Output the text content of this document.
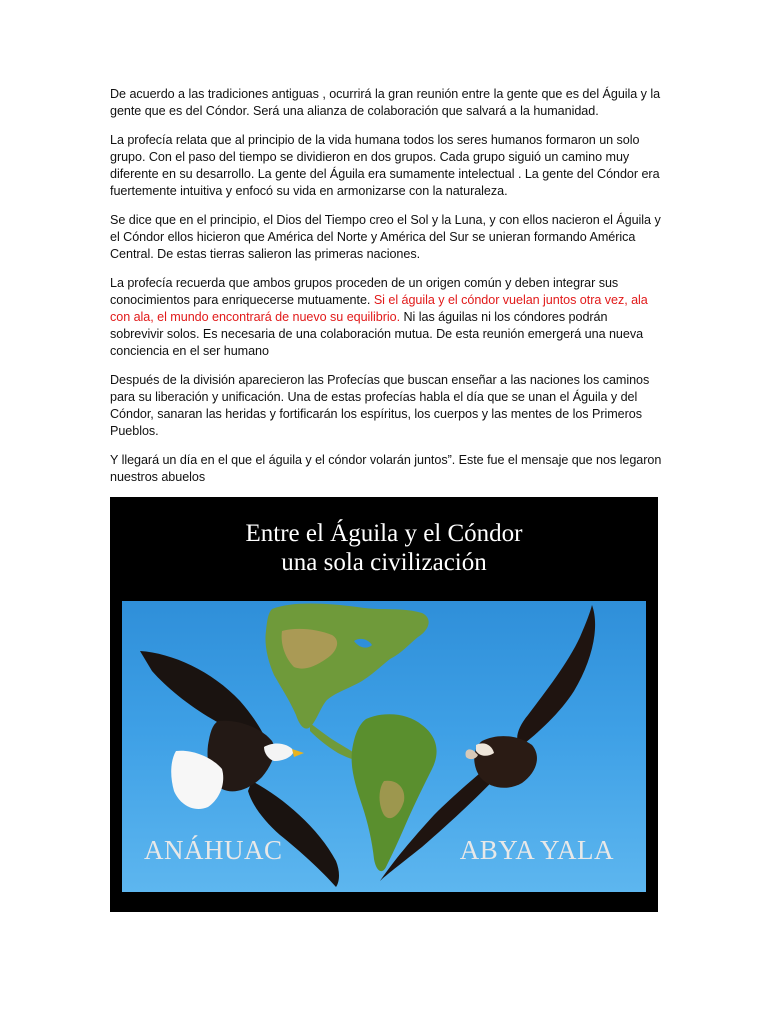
De acuerdo a las tradiciones antiguas , ocurrirá la gran reunión entre la gente que es del Águila y la gente que es del Cóndor. Será una alianza de colaboración que salvará a la humanidad.

La profecía relata que al principio de la vida humana todos los seres humanos formaron un solo grupo. Con el paso del tiempo se dividieron en dos grupos. Cada grupo siguió un camino muy diferente en su desarrollo. La gente del Águila era sumamente intelectual . La gente del Cóndor era fuertemente intuitiva y enfocó su vida en armonizarse con la naturaleza.

Se dice que en el principio, el Dios del Tiempo creo el Sol y la Luna, y con ellos nacieron el Águila y el Cóndor ellos hicieron que América del Norte y América del Sur se unieran formando América Central. De estas tierras salieron las primeras naciones.

La profecía recuerda que ambos grupos proceden de un origen común y deben integrar sus conocimientos para enriquecerse mutuamente. Si el águila y el cóndor vuelan juntos otra vez, ala con ala, el mundo encontrará de nuevo su equilibrio. Ni las águilas ni los cóndores podrán sobrevivir solos. Es necesaria de una colaboración mutua. De esta reunión emergerá una nueva conciencia en el ser humano

Después de la división aparecieron las Profecías que buscan enseñar a las naciones los caminos para su liberación y unificación. Una de estas profecías habla el día que se unan el Águila y del Cóndor, sanaran las heridas y fortificarán los espíritus, los cuerpos y las mentes de los Primeros Pueblos.

Y llegará un día en el que el águila y el cóndor volarán juntos”. Este fue el mensaje que nos legaron nuestros abuelos

Entre el Águila y el Cóndor
una sola civilización
ANÁHUAC	ABYA YALA
